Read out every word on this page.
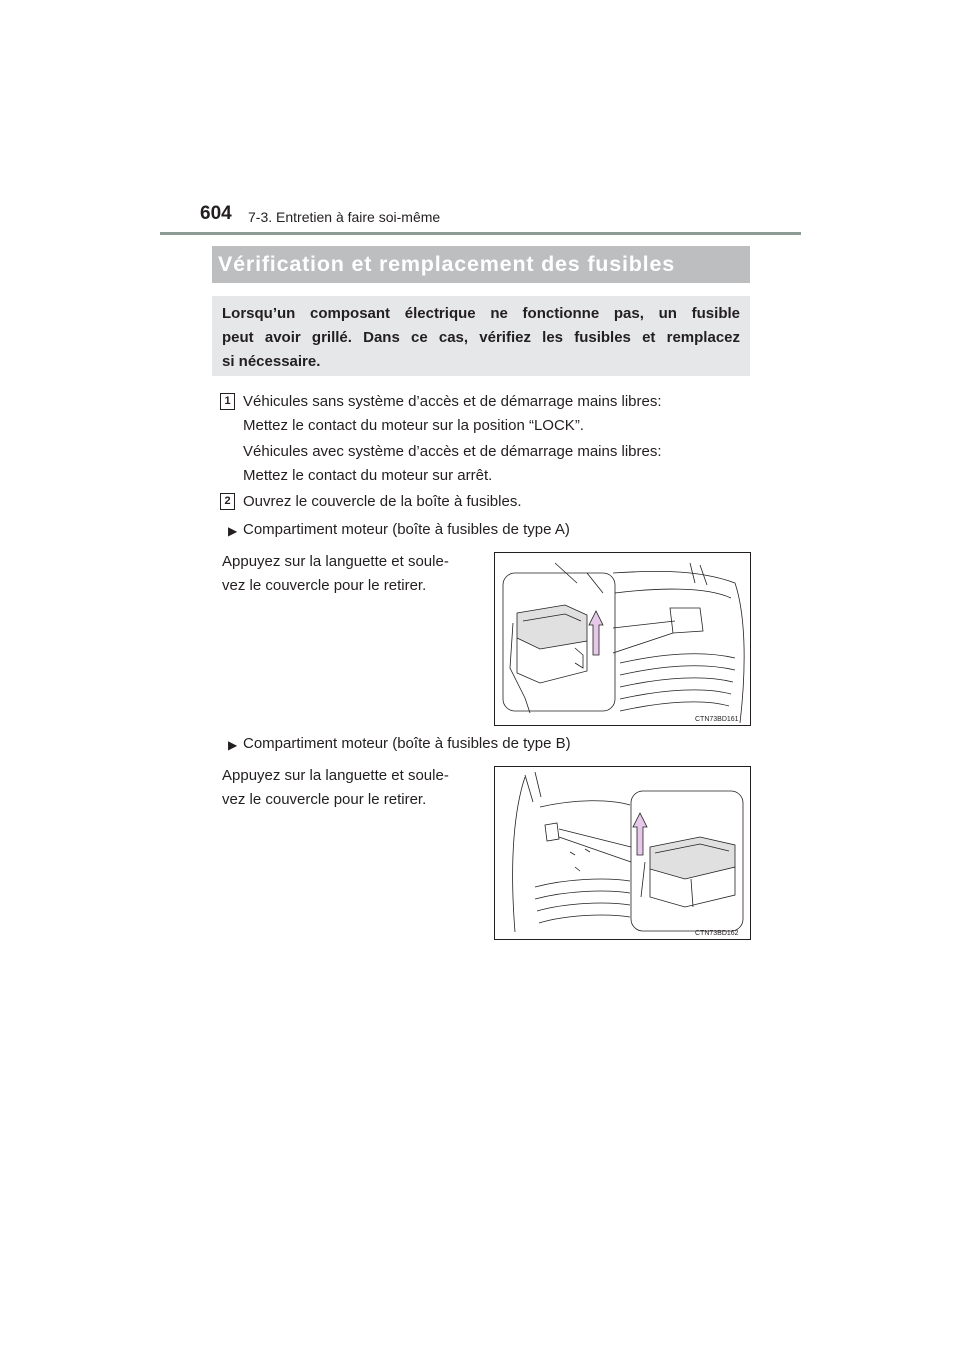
604 7-3. Entretien à faire soi-même
Vérification et remplacement des fusibles
Lorsqu’un composant électrique ne fonctionne pas, un fusible
peut avoir grillé. Dans ce cas, vérifiez les fusibles et remplacez
si nécessaire.
1 Véhicules sans système d’accès et de démarrage mains libres:
Mettez le contact du moteur sur la position “LOCK”.
Véhicules avec système d’accès et de démarrage mains libres:
Mettez le contact du moteur sur arrêt.
2 Ouvrez le couvercle de la boîte à fusibles.
▶ Compartiment moteur (boîte à fusibles de type A)
Appuyez sur la languette et soule-
vez le couvercle pour le retirer.
CTN73BD161
▶ Compartiment moteur (boîte à fusibles de type B)
Appuyez sur la languette et soule-
vez le couvercle pour le retirer.
CTN73BD162
